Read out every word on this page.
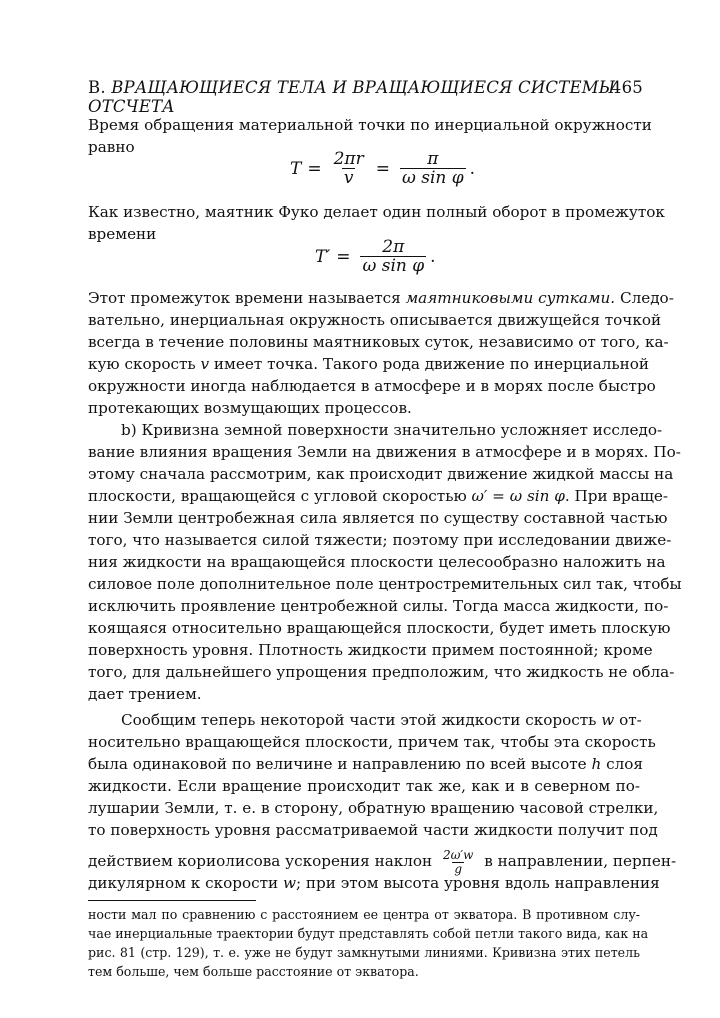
B. ВРАЩАЮЩИЕСЯ ТЕЛА И ВРАЩАЮЩИЕСЯ СИСТЕМЫ ОТСЧЕТА
465
Время обращения материальной точки по инерциальной окружности
равно
$T = \frac{2\pi r}{v} = \frac{\pi}{\text{ω sin φ}}$ .
Как известно, маятник Фуко делает один полный оборот в промежуток
времени
$T' = \frac{2\pi}{\text{ω sin φ}}$ .
Этот промежуток времени называется маятниковыми сутками. Следо-
вательно, инерциальная окружность описывается движущейся точкой
всегда в течение половины маятниковых суток, независимо от того, ка-
кую скорость v имеет точка. Такого рода движение по инерциальной
окружности иногда наблюдается в атмосфере и в морях после быстро
протекающих возмущающих процессов.
b) Кривизна земной поверхности значительно усложняет исследо-
вание влияния вращения Земли на движения в атмосфере и в морях. По-
этому сначала рассмотрим, как происходит движение жидкой массы на
плоскости, вращающейся с угловой скоростью ω′ = ω sin φ. При враще-
нии Земли центробежная сила является по существу составной частью
того, что называется силой тяжести; поэтому при исследовании движе-
ния жидкости на вращающейся плоскости целесообразно наложить на
силовое поле дополнительное поле центростремительных сил так, чтобы
исключить проявление центробежной силы. Тогда масса жидкости, по-
коящаяся относительно вращающейся плоскости, будет иметь плоскую
поверхность уровня. Плотность жидкости примем постоянной; кроме
того, для дальнейшего упрощения предположим, что жидкость не обла-
дает трением.
Сообщим теперь некоторой части этой жидкости скорость w от-
носительно вращающейся плоскости, причем так, чтобы эта скорость
была одинаковой по величине и направлению по всей высоте h слоя
жидкости. Если вращение происходит так же, как и в северном по-
лушарии Земли, т. е. в сторону, обратную вращению часовой стрелки,
то поверхность уровня рассматриваемой части жидкости получит под
действием кориолисова ускорения наклон $\frac{2\omega'w}{g}$ в направлении, перпен-
дикулярном к скорости w; при этом высота уровня вдоль направления
ности мал по сравнению с расстоянием ее центра от экватора. В противном слу-
чае инерциальные траектории будут представлять собой петли такого вида, как на
рис. 81 (стр. 129), т. е. уже не будут замкнутыми линиями. Кривизна этих петель
тем больше, чем больше расстояние от экватора.
